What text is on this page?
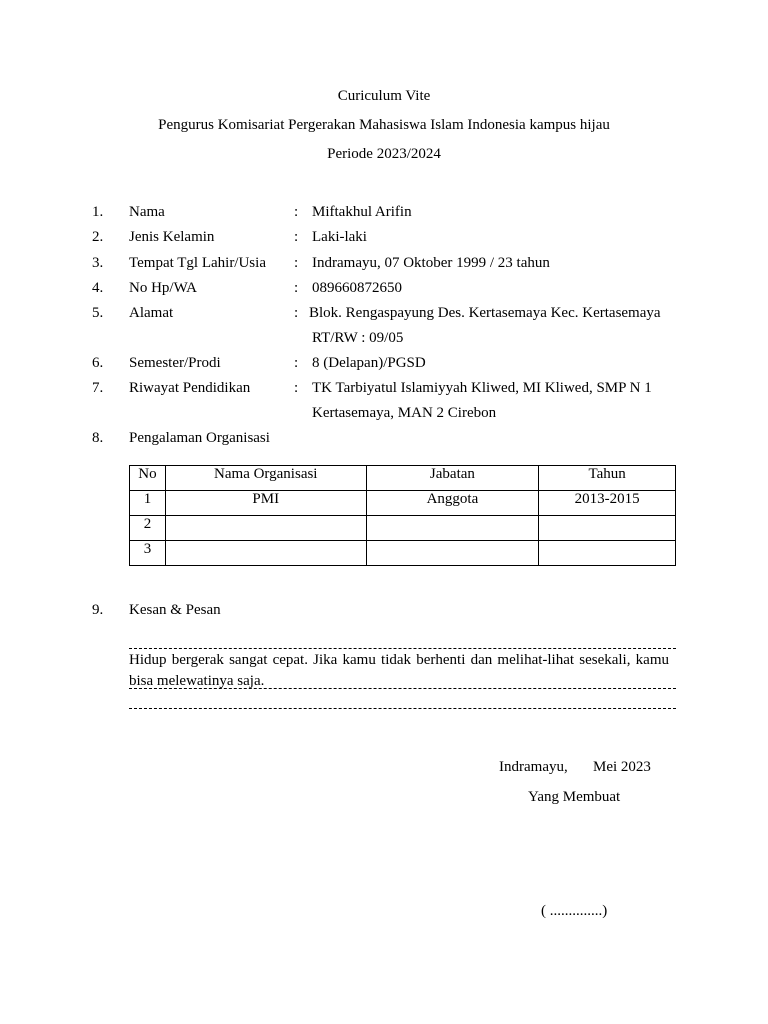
Curiculum Vite
Pengurus Komisariat Pergerakan Mahasiswa Islam Indonesia kampus hijau
Periode 2023/2024
1. Nama	: Miftakhul Arifin
2. Jenis Kelamin	: Laki-laki
3. Tempat Tgl Lahir/Usia : Indramayu, 07 Oktober 1999 / 23 tahun
4. No Hp/WA	: 089660872650
5. Alamat	: Blok. Rengaspayung Des. Kertasemaya Kec. Kertasemaya
RT/RW : 09/05
6. Semester/Prodi	: 8 (Delapan)/PGSD
7. Riwayat Pendidikan	: TK Tarbiyatul Islamiyyah Kliwed, MI Kliwed, SMP N 1
Kertasemaya, MAN 2 Cirebon
8. Pengalaman Organisasi
No	Nama Organisasi	Jabatan	Tahun
1	PMI	Anggota	2013-2015
2			
3			
9. Kesan & Pesan
Hidup bergerak sangat cepat. Jika kamu tidak berhenti dan melihat-lihat sesekali, kamu bisa melewatinya saja.
Indramayu, Mei 2023
Yang Membuat
( ..............)
